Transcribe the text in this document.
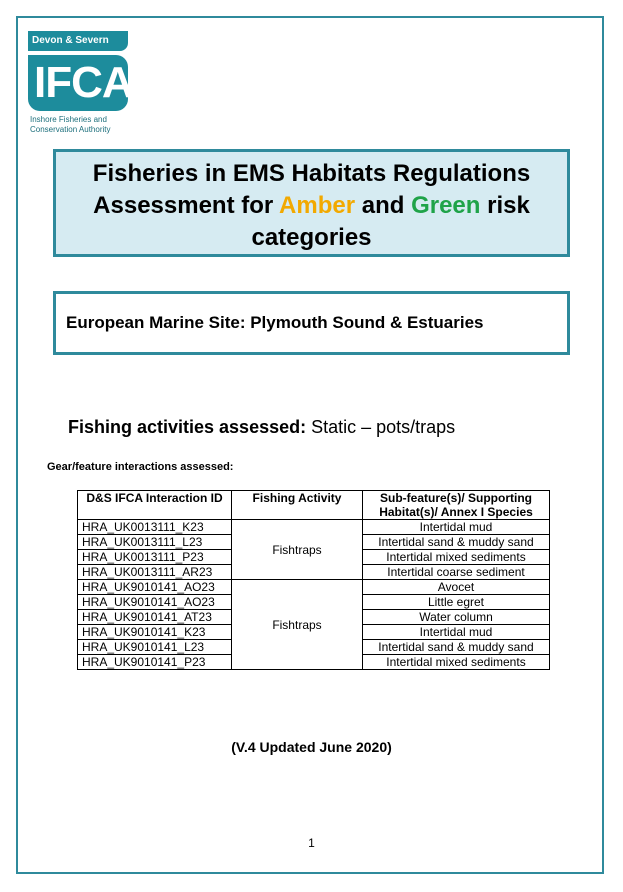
Devon & Severn
IFCA
Inshore Fisheries and
Conservation Authority
Fisheries in EMS Habitats Regulations
Assessment for Amber and Green risk
categories
European Marine Site: Plymouth Sound & Estuaries
Fishing activities assessed: Static – pots/traps
Gear/feature interactions assessed:
D&S IFCA Interaction ID	Fishing Activity	Sub-feature(s)/ Supporting Habitat(s)/ Annex I Species
HRA_UK0013111_K23	Fishtraps	Intertidal mud
HRA_UK0013111_L23		Intertidal sand & muddy sand
HRA_UK0013111_P23		Intertidal mixed sediments
HRA_UK0013111_AR23		Intertidal coarse sediment
HRA_UK9010141_AO23	Fishtraps	Avocet
HRA_UK9010141_AO23		Little egret
HRA_UK9010141_AT23		Water column
HRA_UK9010141_K23		Intertidal mud
HRA_UK9010141_L23		Intertidal sand & muddy sand
HRA_UK9010141_P23		Intertidal mixed sediments
(V.4 Updated June 2020)
1
